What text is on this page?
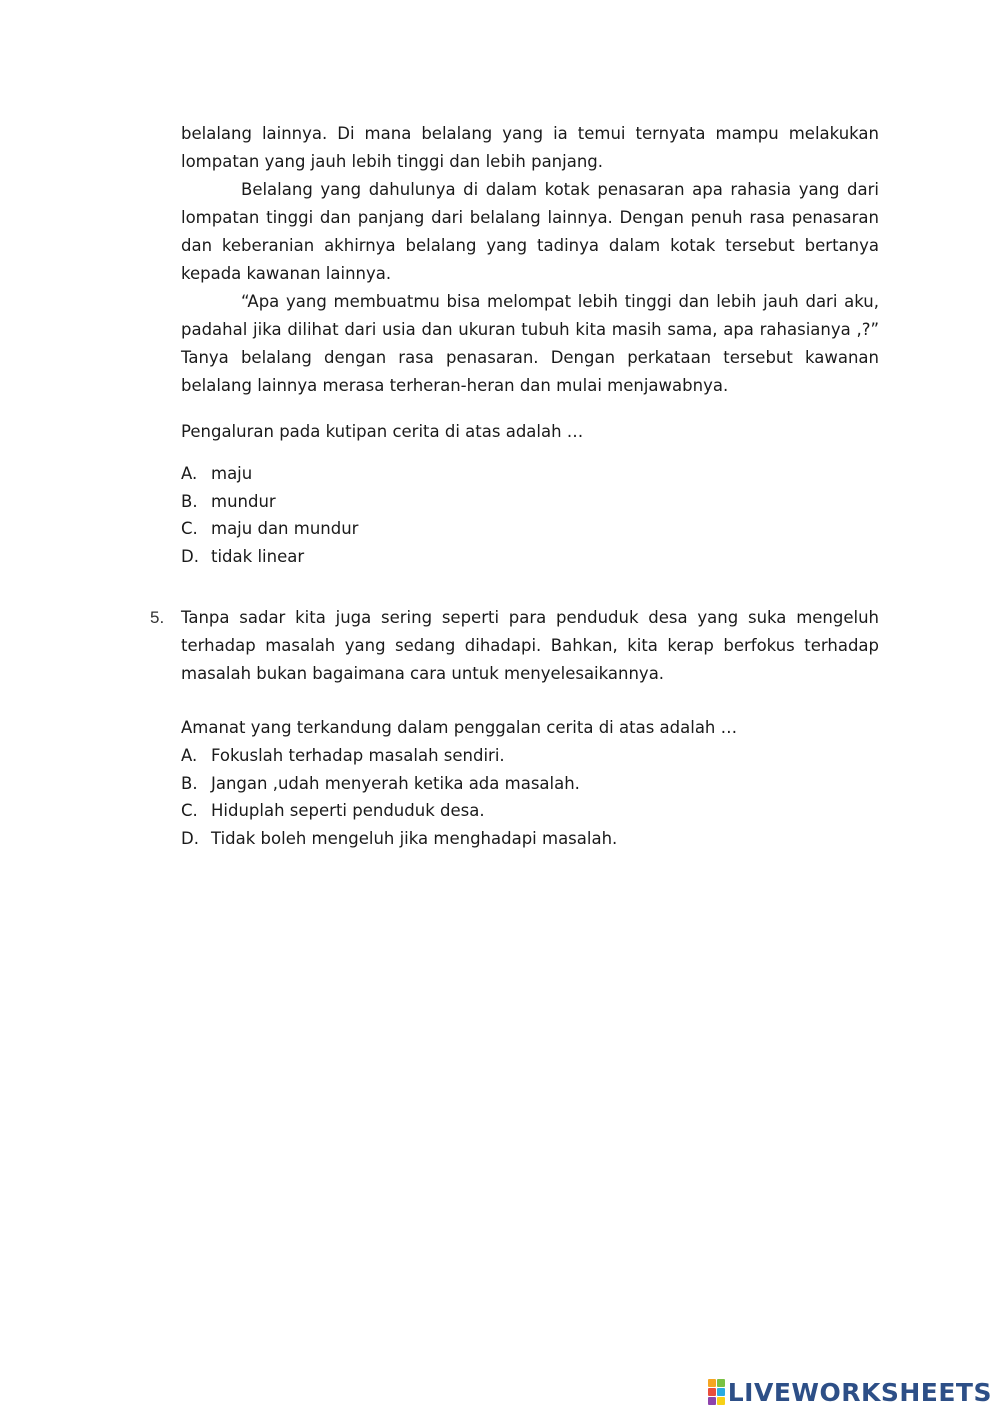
belalang lainnya. Di mana belalang yang ia temui ternyata mampu melakukan lompatan yang jauh lebih tinggi dan lebih panjang.

Belalang yang dahulunya di dalam kotak penasaran apa rahasia yang dari lompatan tinggi dan panjang dari belalang lainnya. Dengan penuh rasa penasaran dan keberanian akhirnya belalang yang tadinya dalam kotak tersebut bertanya kepada kawanan lainnya.

“Apa yang membuatmu bisa melompat lebih tinggi dan lebih jauh dari aku, padahal jika dilihat dari usia dan ukuran tubuh kita masih sama, apa rahasianya ,?” Tanya belalang dengan rasa penasaran. Dengan perkataan tersebut kawanan belalang lainnya merasa terheran-heran dan mulai menjawabnya.

Pengaluran pada kutipan cerita di atas adalah …

A. maju
B. mundur
C. maju dan mundur
D. tidak linear
5. Tanpa sadar kita juga sering seperti para penduduk desa yang suka mengeluh terhadap masalah yang sedang dihadapi. Bahkan, kita kerap berfokus terhadap masalah bukan bagaimana cara untuk menyelesaikannya.

Amanat yang terkandung dalam penggalan cerita di atas adalah …

A. Fokuslah terhadap masalah sendiri.
B. Jangan ,udah menyerah ketika ada masalah.
C. Hiduplah seperti penduduk desa.
D. Tidak boleh mengeluh jika menghadapi masalah.
LIVEWORKSHEETS
